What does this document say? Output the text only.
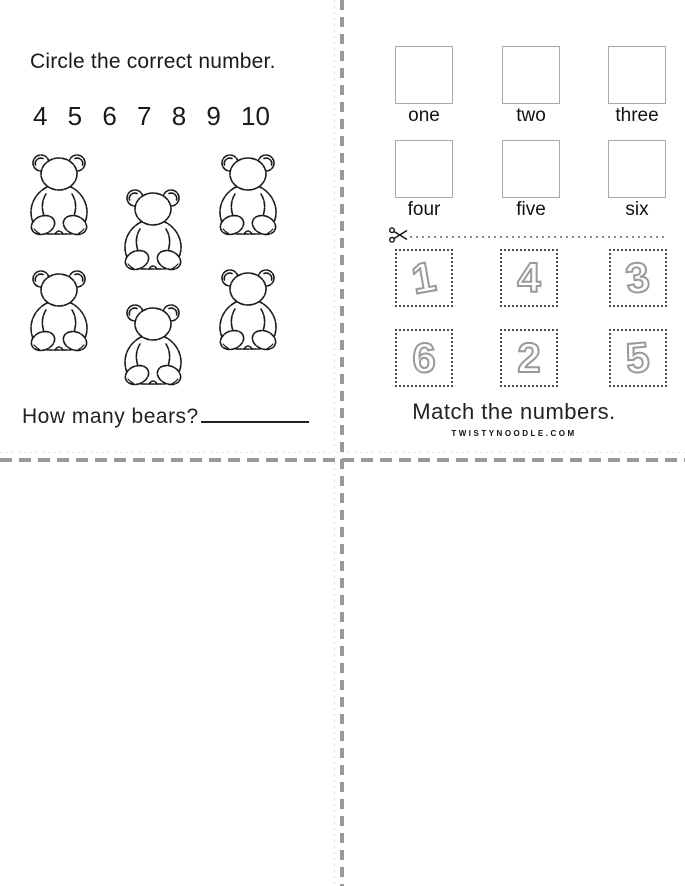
Circle the correct number.
4 5 6 7 8 9 10
How many bears?
one	two	three
four	five	six
1 4 3
6 2 5
Match the numbers.
TWISTYNOODLE.COM
